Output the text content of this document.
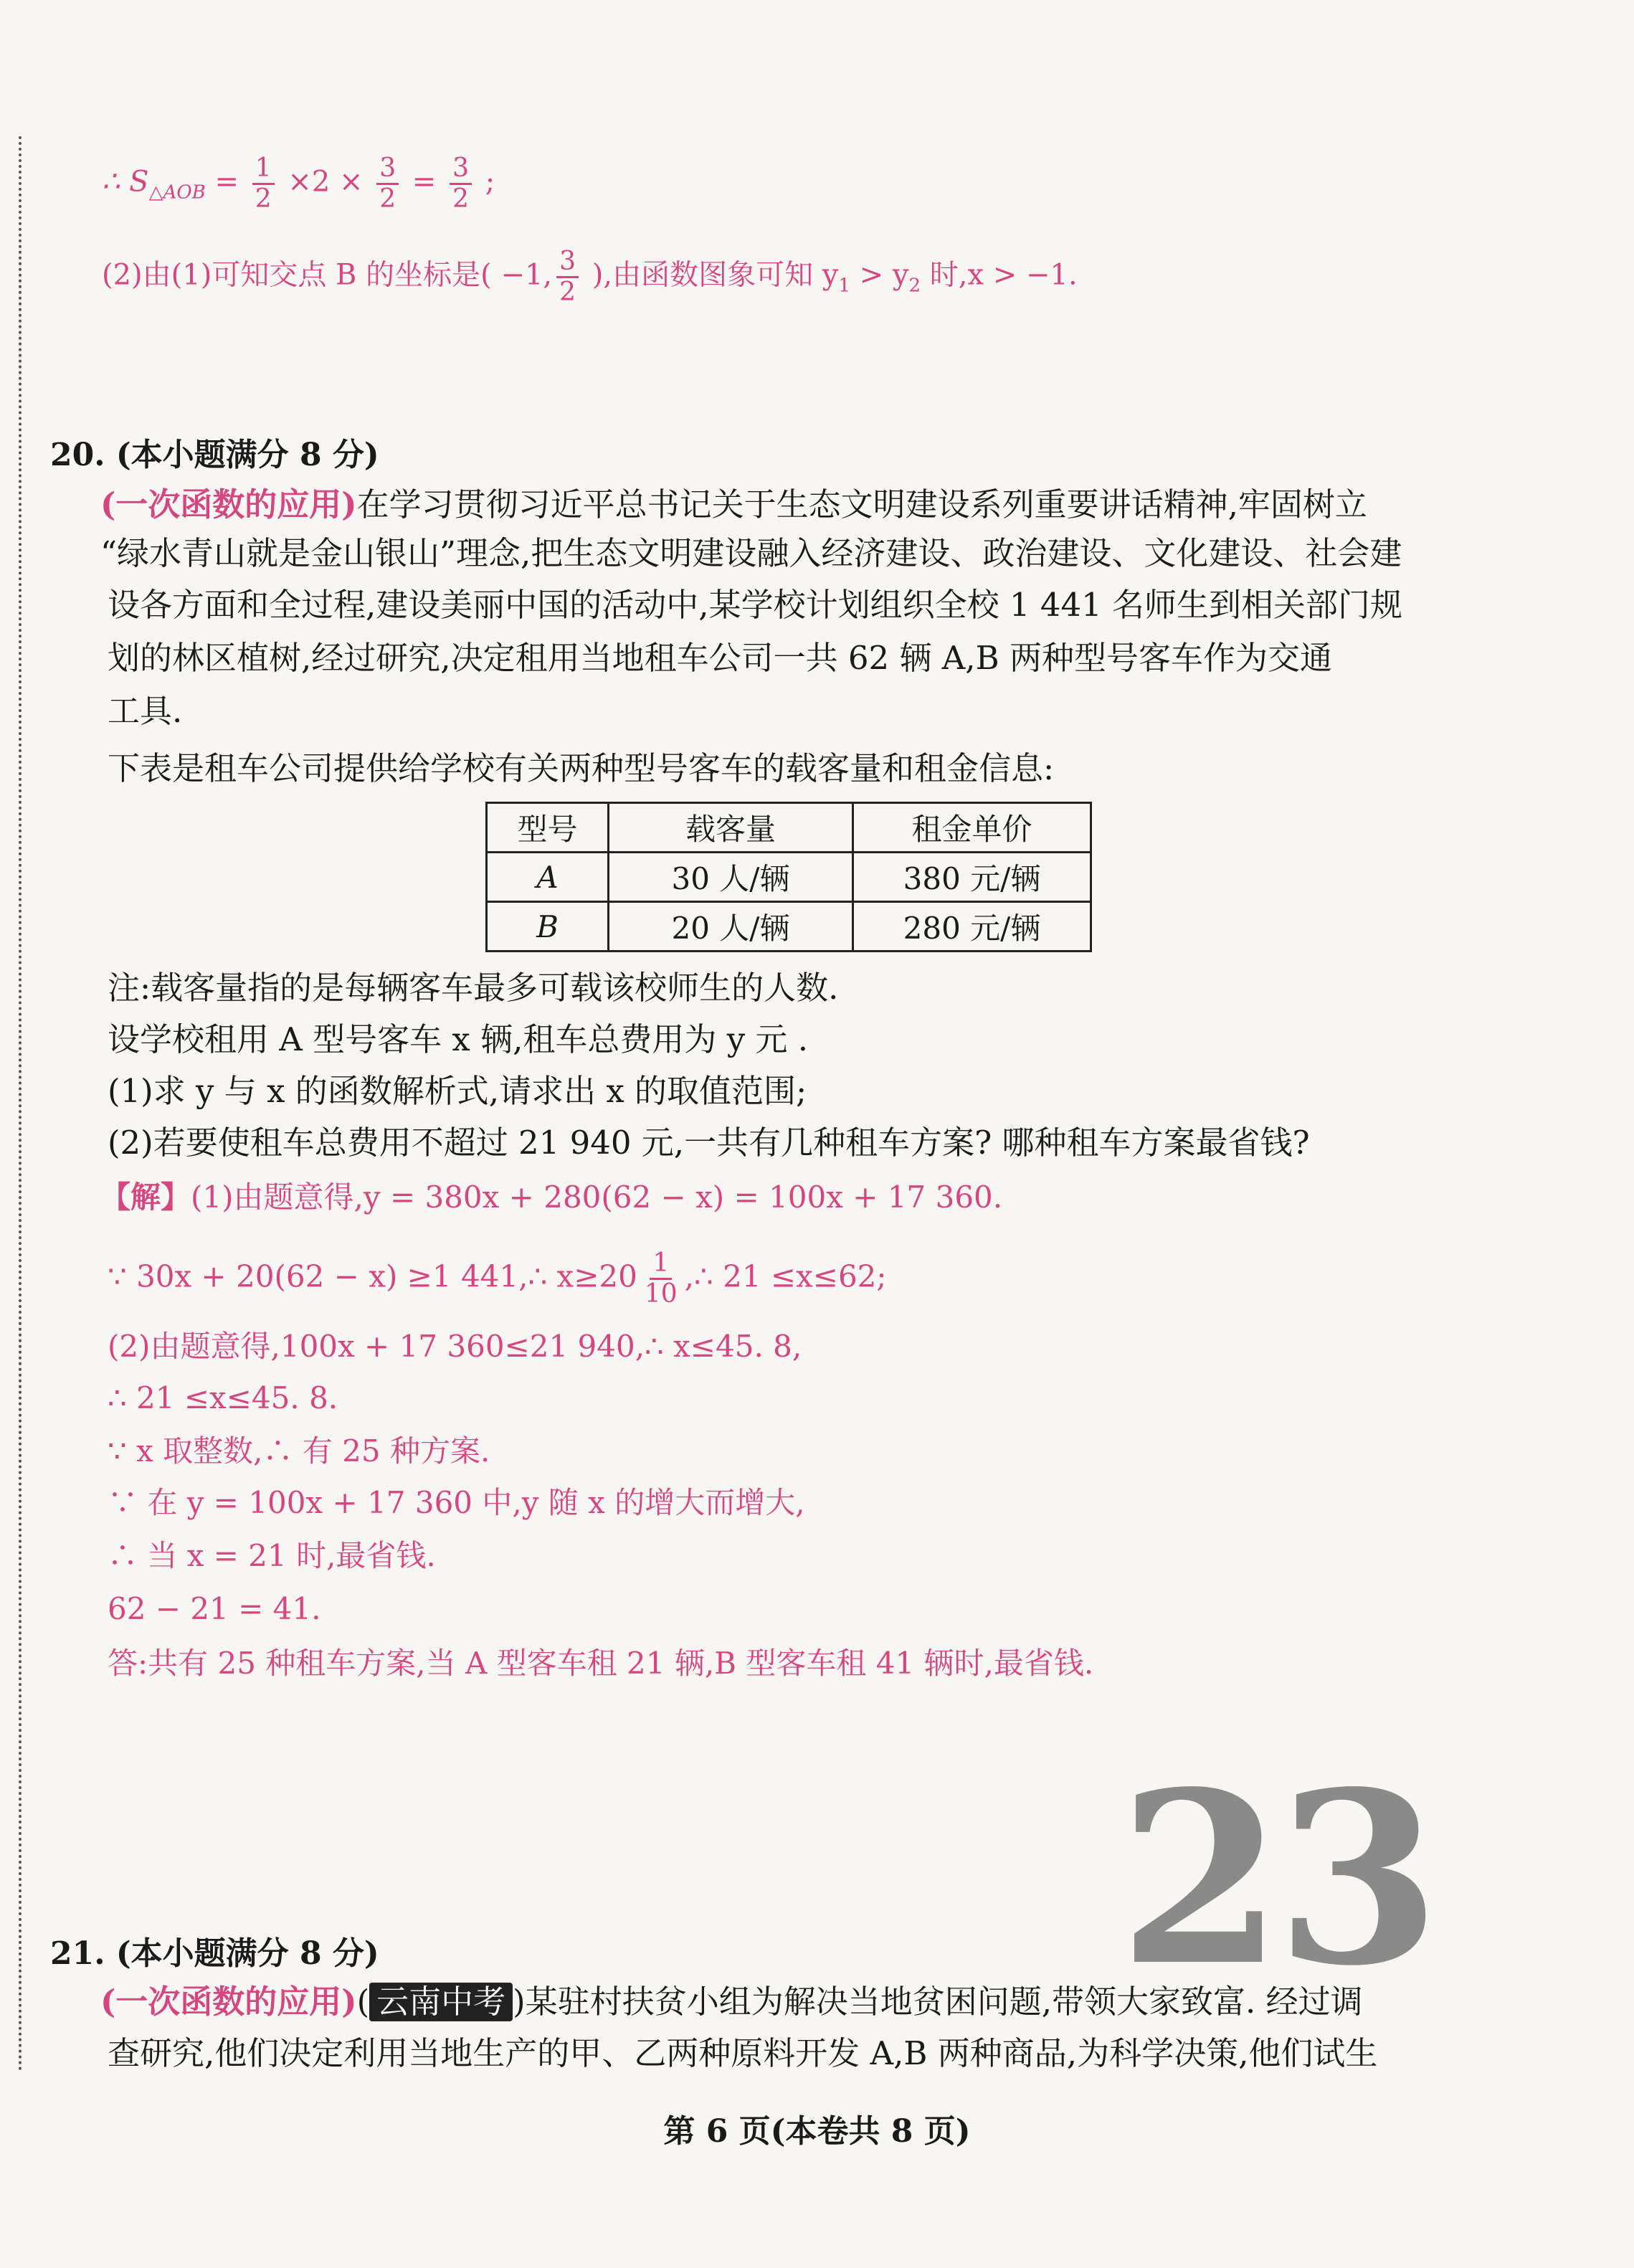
∴ $S_{\triangle AOB} = \frac{1}{2} \times 2 \times \frac{3}{2} = \frac{3}{2}$ ;
(2)由(1)可知交点 B 的坐标是( −1, $\frac{3}{2}$ ),由函数图象可知 $y_1 > y_2$ 时,x > −1.
20. (本小题满分 8 分)
(一次函数的应用)在学习贯彻习近平总书记关于生态文明建设系列重要讲话精神,牢固树立
“绿水青山就是金山银山”理念,把生态文明建设融入经济建设、政治建设、文化建设、社会建
设各方面和全过程,建设美丽中国的活动中,某学校计划组织全校 1 441 名师生到相关部门规
划的林区植树,经过研究,决定租用当地租车公司一共 62 辆 A,B 两种型号客车作为交通
工具.
下表是租车公司提供给学校有关两种型号客车的载客量和租金信息:
型号	载客量	租金单价
A	30 人/辆	380 元/辆
B	20 人/辆	280 元/辆
注:载客量指的是每辆客车最多可载该校师生的人数.
设学校租用 A 型号客车 x 辆,租车总费用为 y 元 .
(1)求 y 与 x 的函数解析式,请求出 x 的取值范围;
(2)若要使租车总费用不超过 21 940 元,一共有几种租车方案? 哪种租车方案最省钱?
【解】(1)由题意得,y = 380x + 280(62 − x) = 100x + 17 360.
∵ 30x + 20(62 − x) ≥1 441,∴ $x\ge 20 \frac{1}{10}$ ,∴ 21 ≤x≤62;
(2)由题意得,100x + 17 360≤21 940,∴ x≤45. 8,
∴ 21 ≤x≤45. 8.
∵ x 取整数,∴ 有 25 种方案.
∵ 在 y = 100x + 17 360 中,y 随 x 的增大而增大,
∴ 当 x = 21 时,最省钱.
62 − 21 = 41.
答:共有 25 种租车方案,当 A 型客车租 21 辆,B 型客车租 41 辆时,最省钱.
23
21. (本小题满分 8 分)
(一次函数的应用)( 云南中考 )某驻村扶贫小组为解决当地贫困问题,带领大家致富. 经过调
查研究,他们决定利用当地生产的甲、乙两种原料开发 A,B 两种商品,为科学决策,他们试生
第 6 页(本卷共 8 页)
